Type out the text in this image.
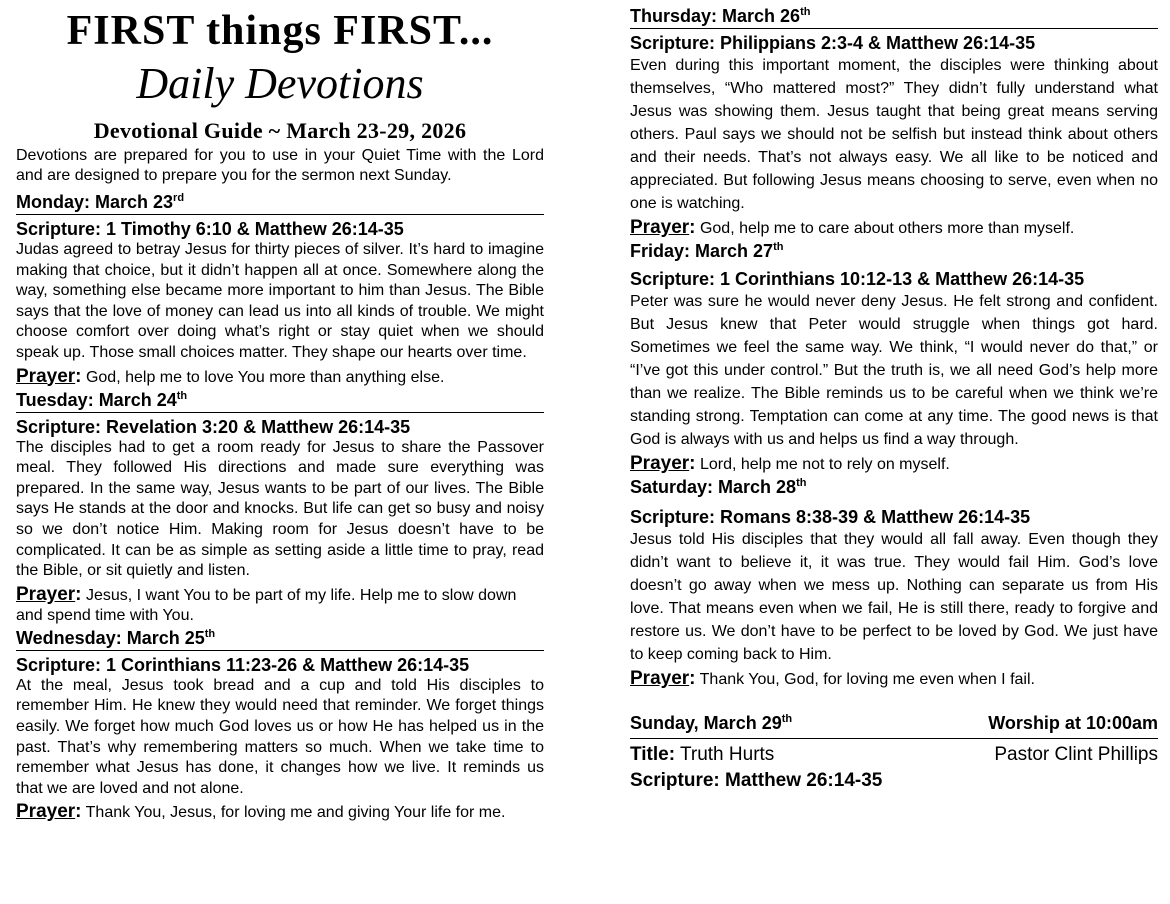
FIRST things FIRST...
Daily Devotions
Devotional Guide ~ March 23-29, 2026
Devotions are prepared for you to use in your Quiet Time with the Lord and are designed to prepare you for the sermon next Sunday.
Monday: March 23rd
Scripture: 1 Timothy 6:10 & Matthew 26:14-35
Judas agreed to betray Jesus for thirty pieces of silver. It’s hard to imagine making that choice, but it didn’t happen all at once. Somewhere along the way, something else became more important to him than Jesus. The Bible says that the love of money can lead us into all kinds of trouble. We might choose comfort over doing what’s right or stay quiet when we should speak up. Those small choices matter. They shape our hearts over time.
Prayer: God, help me to love You more than anything else.
Tuesday: March 24th
Scripture: Revelation 3:20 & Matthew 26:14-35
The disciples had to get a room ready for Jesus to share the Passover meal. They followed His directions and made sure everything was prepared. In the same way, Jesus wants to be part of our lives. The Bible says He stands at the door and knocks. But life can get so busy and noisy so we don’t notice Him. Making room for Jesus doesn’t have to be complicated. It can be as simple as setting aside a little time to pray, read the Bible, or sit quietly and listen.
Prayer: Jesus, I want You to be part of my life. Help me to slow down and spend time with You.
Wednesday: March 25th
Scripture: 1 Corinthians 11:23-26 & Matthew 26:14-35
At the meal, Jesus took bread and a cup and told His disciples to remember Him. He knew they would need that reminder. We forget things easily. We forget how much God loves us or how He has helped us in the past. That’s why remembering matters so much. When we take time to remember what Jesus has done, it changes how we live. It reminds us that we are loved and not alone.
Prayer: Thank You, Jesus, for loving me and giving Your life for me.
Thursday: March 26th
Scripture: Philippians 2:3-4 & Matthew 26:14-35
Even during this important moment, the disciples were thinking about themselves, “Who mattered most?” They didn’t fully understand what Jesus was showing them. Jesus taught that being great means serving others. Paul says we should not be selfish but instead think about others and their needs. That’s not always easy. We all like to be noticed and appreciated. But following Jesus means choosing to serve, even when no one is watching.
Prayer: God, help me to care about others more than myself.
Friday: March 27th
Scripture: 1 Corinthians 10:12-13 & Matthew 26:14-35
Peter was sure he would never deny Jesus. He felt strong and confident. But Jesus knew that Peter would struggle when things got hard. Sometimes we feel the same way. We think, “I would never do that,” or “I’ve got this under control.” But the truth is, we all need God’s help more than we realize. The Bible reminds us to be careful when we think we’re standing strong. Temptation can come at any time. The good news is that God is always with us and helps us find a way through.
Prayer: Lord, help me not to rely on myself.
Saturday: March 28th
Scripture: Romans 8:38-39 & Matthew 26:14-35
Jesus told His disciples that they would all fall away. Even though they didn’t want to believe it, it was true. They would fail Him. God’s love doesn’t go away when we mess up. Nothing can separate us from His love. That means even when we fail, He is still there, ready to forgive and restore us. We don’t have to be perfect to be loved by God. We just have to keep coming back to Him.
Prayer: Thank You, God, for loving me even when I fail.
Sunday, March 29th	Worship at 10:00am
Title: Truth Hurts	Pastor Clint Phillips
Scripture: Matthew 26:14-35
